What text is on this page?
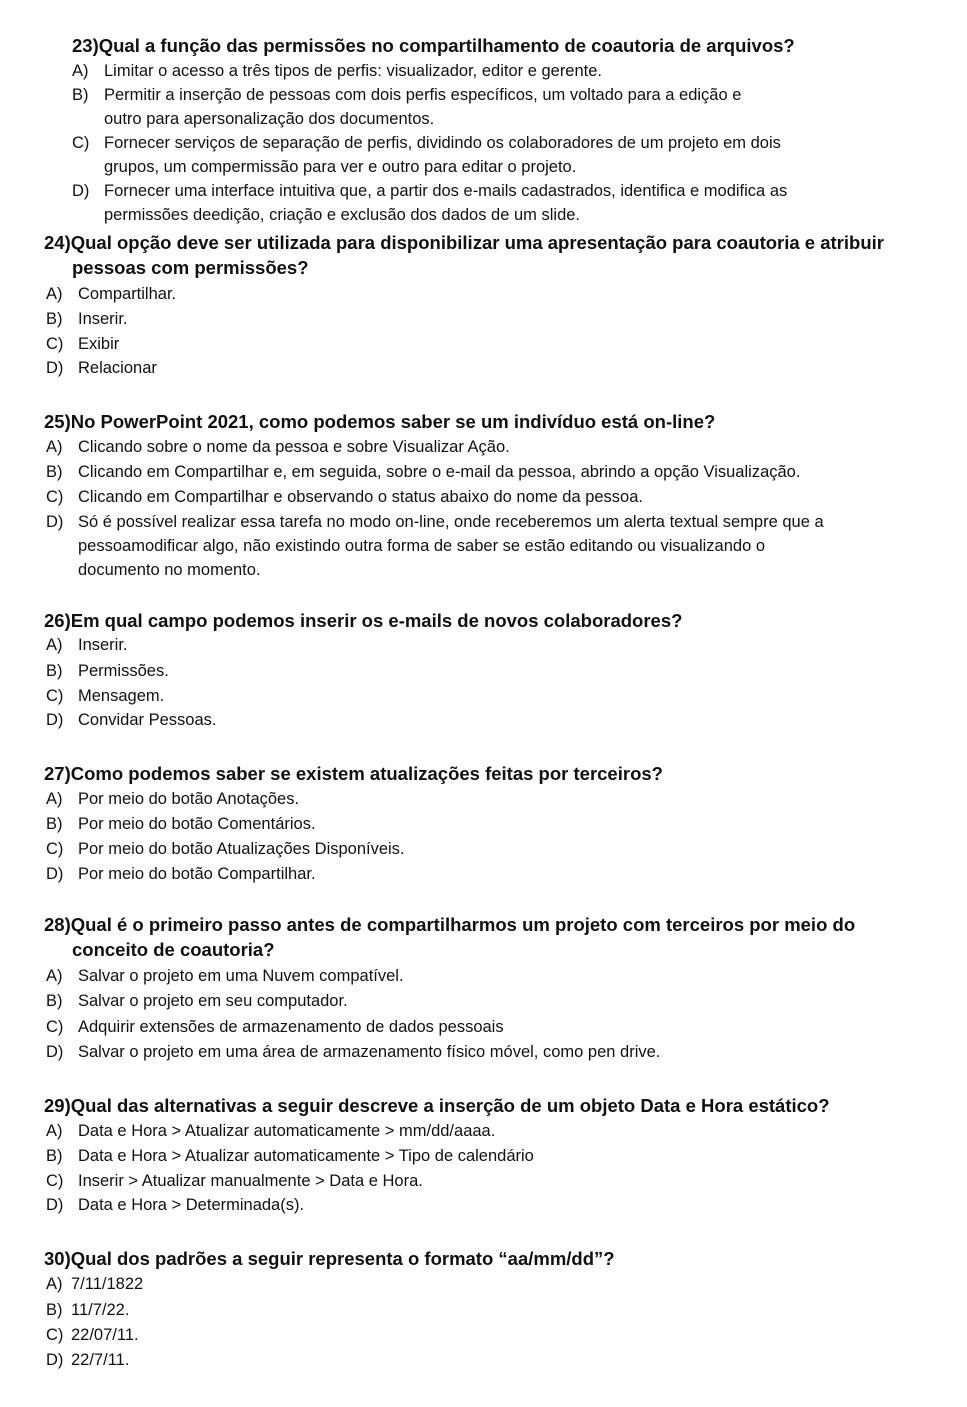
23)Qual a função das permissões no compartilhamento de coautoria de arquivos?
A) Limitar o acesso a três tipos de perfis: visualizador, editor e gerente.
B) Permitir a inserção de pessoas com dois perfis específicos, um voltado para a edição e
outro para apersonalização dos documentos.
C) Fornecer serviços de separação de perfis, dividindo os colaboradores de um projeto em dois
grupos, um compermissão para ver e outro para editar o projeto.
D) Fornecer uma interface intuitiva que, a partir dos e-mails cadastrados, identifica e modifica as
permissões deedição, criação e exclusão dos dados de um slide.
24)Qual opção deve ser utilizada para disponibilizar uma apresentação para coautoria e atribuir
pessoas com permissões?
A) Compartilhar.
B) Inserir.
C) Exibir
D) Relacionar
25)No PowerPoint 2021, como podemos saber se um indivíduo está on-line?
A) Clicando sobre o nome da pessoa e sobre Visualizar Ação.
B) Clicando em Compartilhar e, em seguida, sobre o e-mail da pessoa, abrindo a opção Visualização.
C) Clicando em Compartilhar e observando o status abaixo do nome da pessoa.
D) Só é possível realizar essa tarefa no modo on-line, onde receberemos um alerta textual sempre que a
pessoamodificar algo, não existindo outra forma de saber se estão editando ou visualizando o
documento no momento.
26)Em qual campo podemos inserir os e-mails de novos colaboradores?
A) Inserir.
B) Permissões.
C) Mensagem.
D) Convidar Pessoas.
27)Como podemos saber se existem atualizações feitas por terceiros?
A) Por meio do botão Anotações.
B) Por meio do botão Comentários.
C) Por meio do botão Atualizações Disponíveis.
D) Por meio do botão Compartilhar.
28)Qual é o primeiro passo antes de compartilharmos um projeto com terceiros por meio do
conceito de coautoria?
A) Salvar o projeto em uma Nuvem compatível.
B) Salvar o projeto em seu computador.
C) Adquirir extensões de armazenamento de dados pessoais
D) Salvar o projeto em uma área de armazenamento físico móvel, como pen drive.
29)Qual das alternativas a seguir descreve a inserção de um objeto Data e Hora estático?
A) Data e Hora > Atualizar automaticamente > mm/dd/aaaa.
B) Data e Hora > Atualizar automaticamente > Tipo de calendário
C) Inserir > Atualizar manualmente > Data e Hora.
D) Data e Hora > Determinada(s).
30)Qual dos padrões a seguir representa o formato “aa/mm/dd”?
A) 7/11/1822
B) 11/7/22.
C) 22/07/11.
D) 22/7/11.
